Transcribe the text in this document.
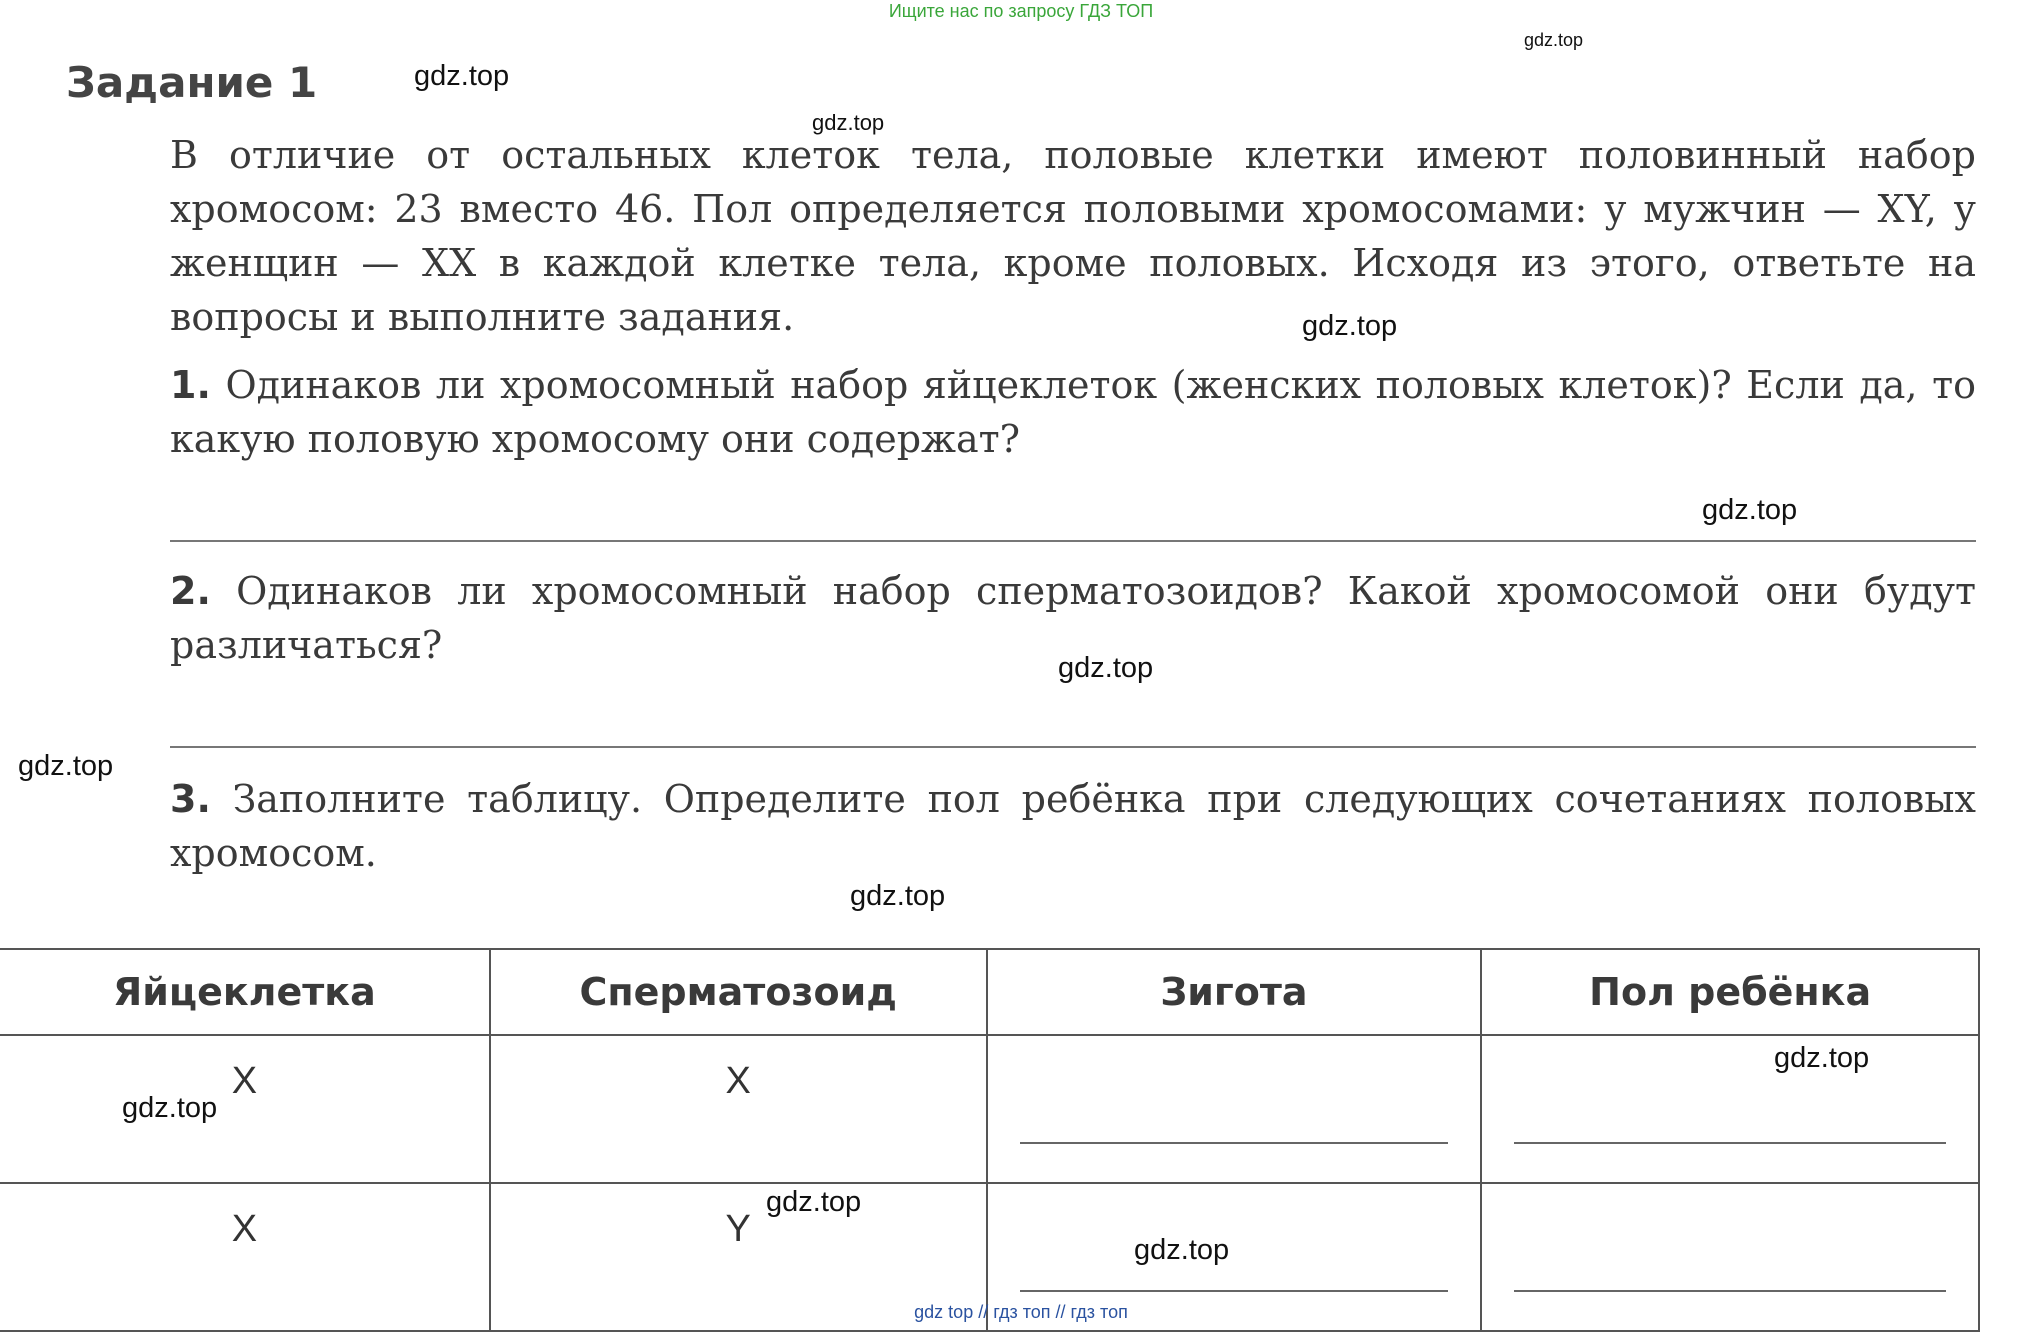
Ищите нас по запросу ГДЗ ТОП
Задание 1
В отличие от остальных клеток тела, половые клетки имеют половинный набор хромосом: 23 вместо 46. Пол определяется половыми хромосомами: у мужчин — XY, у женщин — XX в каждой клетке тела, кроме половых. Исходя из этого, ответьте на вопросы и выполните задания.
1. Одинаков ли хромосомный набор яйцеклеток (женских половых клеток)? Если да, то какую половую хромосому они содержат?
2. Одинаков ли хромосомный набор сперматозоидов? Какой хромосомой они будут различаться?
3. Заполните таблицу. Определите пол ребёнка при следующих сочетаниях половых хромосом.
Яйцеклетка	Сперматозоид	Зигота	Пол ребёнка
X	X	

X	Y	

gdz.top
gdz.top
gdz.top
gdz.top
gdz.top
gdz.top
gdz.top
gdz.top
gdz.top
gdz.top
gdz.top
gdz.top
gdz top // гдз топ // гдз топ
